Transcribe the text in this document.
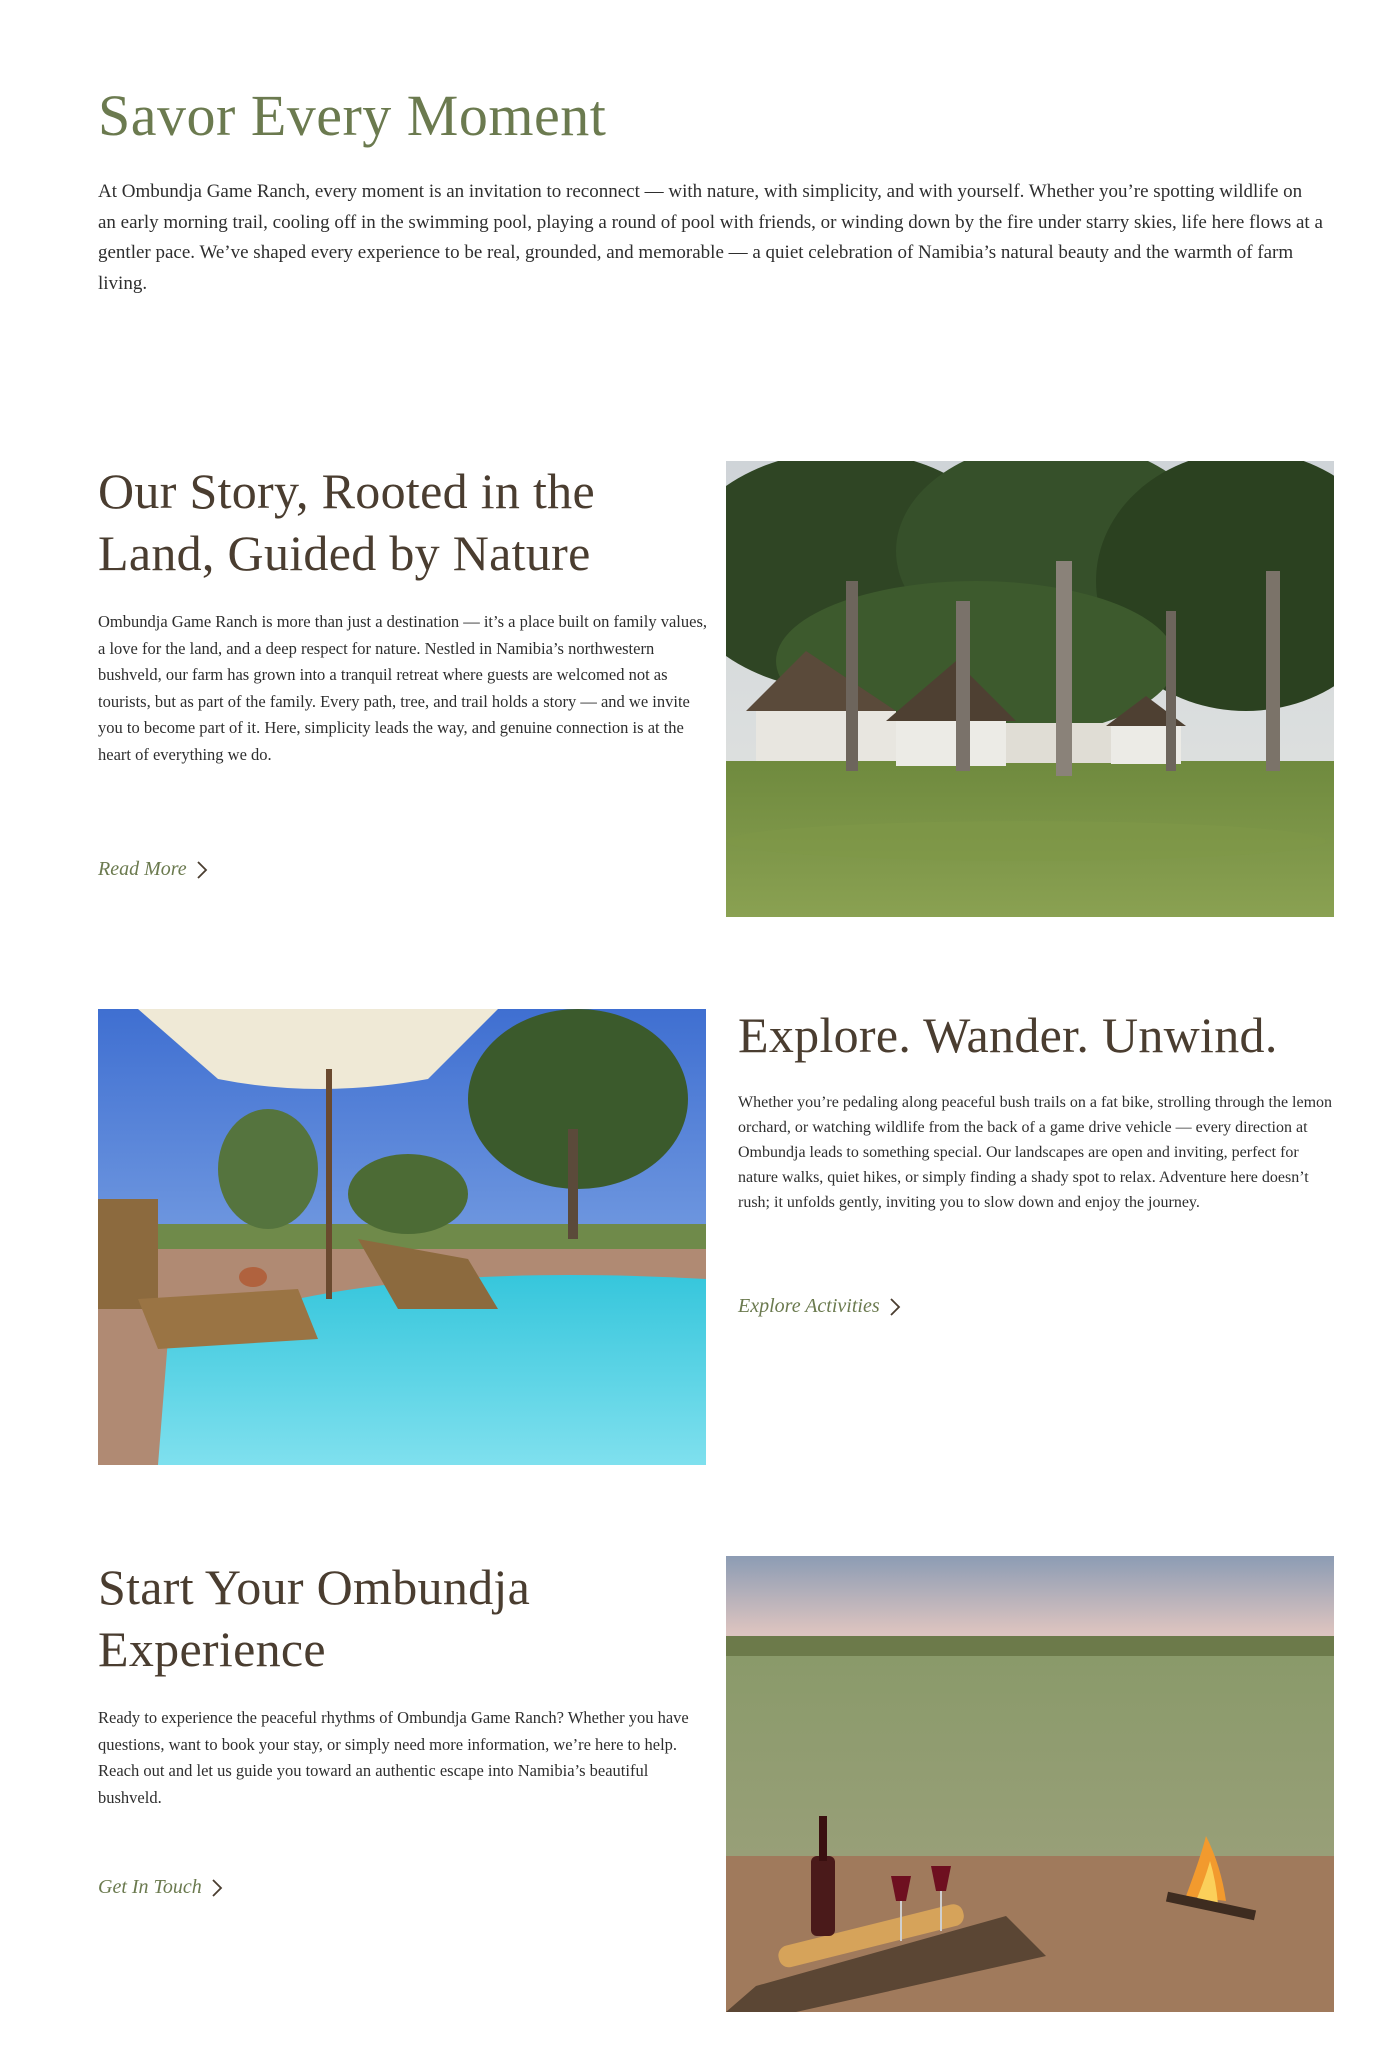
Savor Every Moment

At Ombundja Game Ranch, every moment is an invitation to reconnect — with nature, with simplicity, and with yourself. Whether you’re spotting wildlife on an early morning trail, cooling off in the swimming pool, playing a round of pool with friends, or winding down by the fire under starry skies, life here flows at a gentler pace. We’ve shaped every experience to be real, grounded, and memorable — a quiet celebration of Namibia’s natural beauty and the warmth of farm living.

Our Story, Rooted in the Land, Guided by Nature

Ombundja Game Ranch is more than just a destination — it’s a place built on family values, a love for the land, and a deep respect for nature. Nestled in Namibia’s northwestern bushveld, our farm has grown into a tranquil retreat where guests are welcomed not as tourists, but as part of the family. Every path, tree, and trail holds a story — and we invite you to become part of it. Here, simplicity leads the way, and genuine connection is at the heart of everything we do.

Read More
Explore. Wander. Unwind.

Whether you’re pedaling along peaceful bush trails on a fat bike, strolling through the lemon orchard, or watching wildlife from the back of a game drive vehicle — every direction at Ombundja leads to something special. Our landscapes are open and inviting, perfect for nature walks, quiet hikes, or simply finding a shady spot to relax. Adventure here doesn’t rush; it unfolds gently, inviting you to slow down and enjoy the journey.

Explore Activities
Start Your Ombundja Experience

Ready to experience the peaceful rhythms of Ombundja Game Ranch? Whether you have questions, want to book your stay, or simply need more information, we’re here to help. Reach out and let us guide you toward an authentic escape into Namibia’s beautiful bushveld.

Get In Touch
